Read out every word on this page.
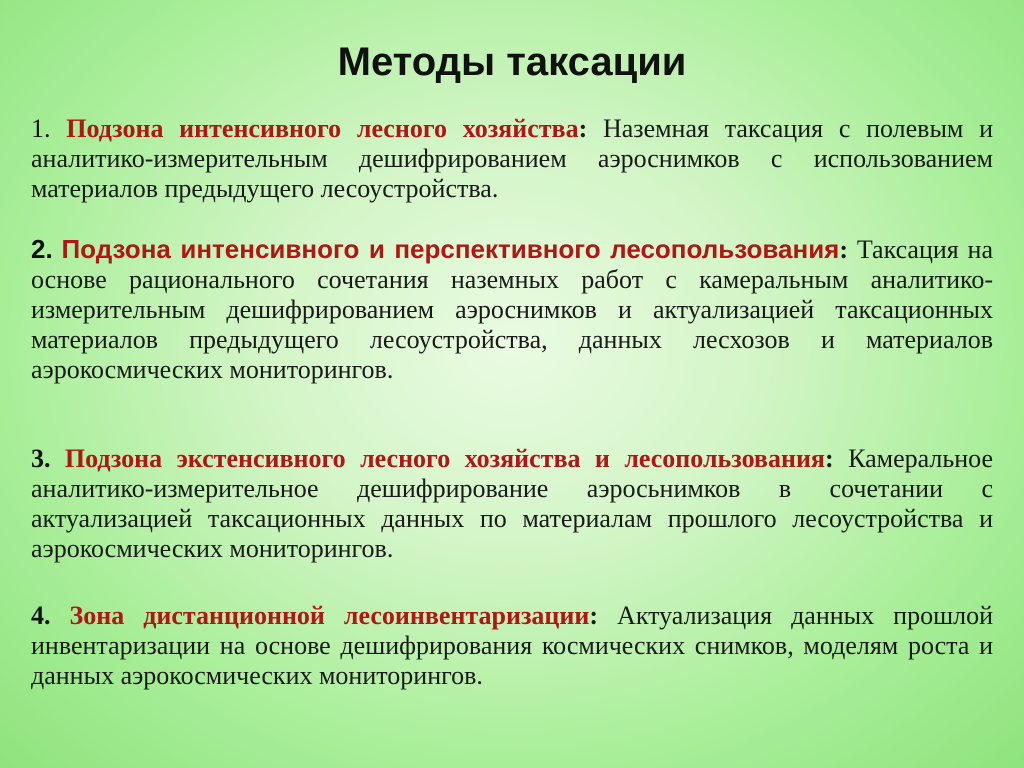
Методы таксации
1. Подзона интенсивного лесного хозяйства: Наземная таксация с полевым и аналитико-измерительным дешифрированием аэроснимков с использованием материалов предыдущего лесоустройства.
2. Подзона интенсивного и перспективного лесопользования: Таксация на основе рационального сочетания наземных работ с камеральным аналитико-измерительным дешифрированием аэроснимков и актуализацией таксационных материалов предыдущего лесоустройства, данных лесхозов и материалов аэрокосмических мониторингов.
3. Подзона экстенсивного лесного хозяйства и лесопользования: Камеральное аналитико-измерительное дешифрирование аэросьнимков в сочетании с актуализацией таксационных данных по материалам прошлого лесоустройства и аэрокосмических мониторингов.
4. Зона дистанционной лесоинвентаризации: Актуализация данных прошлой инвентаризации на основе дешифрирования космических снимков, моделям роста и данных аэрокосмических мониторингов.
